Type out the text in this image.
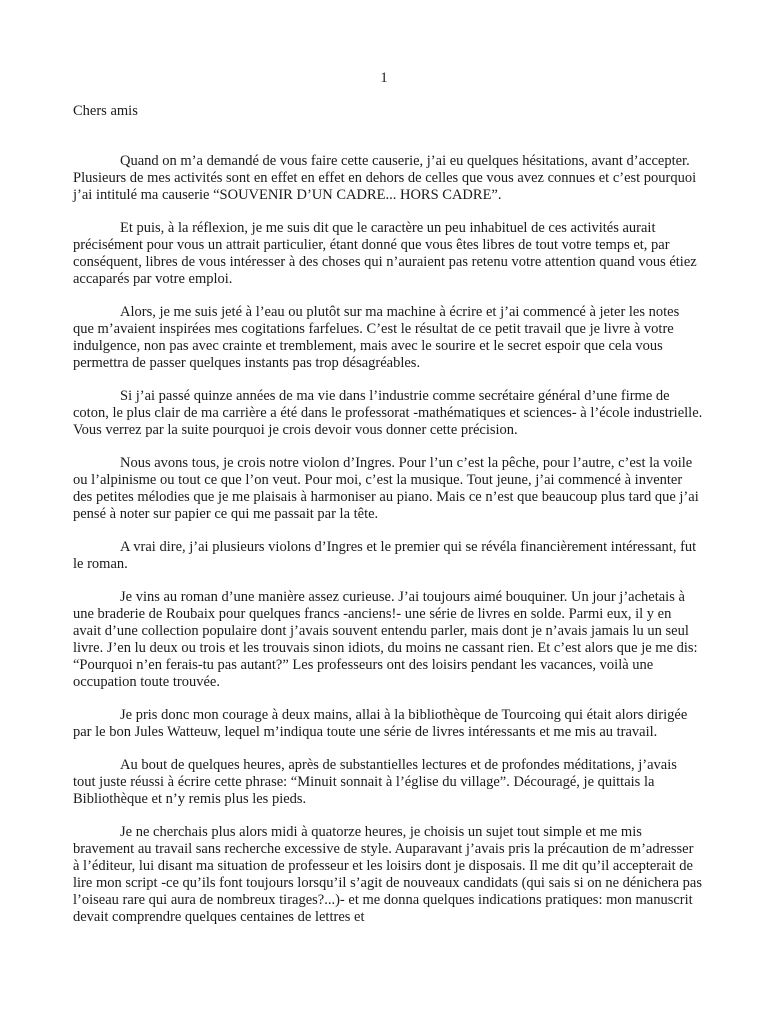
1
Chers amis

Quand on m’a demandé de vous faire cette causerie, j’ai eu quelques hésitations, avant d’accepter. Plusieurs de mes activités sont en effet en effet en dehors de celles que vous avez connues et c’est pourquoi j’ai intitulé ma causerie “SOUVENIR D’UN CADRE... HORS CADRE”.

Et puis, à la réflexion, je me suis dit que le caractère un peu inhabituel de ces activités aurait précisément pour vous un attrait particulier, étant donné que vous êtes libres de tout votre temps et, par conséquent, libres de vous intéresser à des choses qui n’auraient pas retenu votre attention quand vous étiez accaparés par votre emploi.

Alors, je me suis jeté à l’eau ou plutôt sur ma machine à écrire et j’ai commencé à jeter les notes que m’avaient inspirées mes cogitations farfelues. C’est le résultat de ce petit travail que je livre à votre indulgence, non pas avec crainte et tremblement, mais avec le sourire et le secret espoir que cela vous permettra de passer quelques instants pas trop désagréables.

Si j’ai passé quinze années de ma vie dans l’industrie comme secrétaire général d’une firme de coton, le plus clair de ma carrière a été dans le professorat -mathématiques et sciences- à l’école industrielle. Vous verrez par la suite pourquoi je crois devoir vous donner cette précision.

Nous avons tous, je crois notre violon d’Ingres. Pour l’un c’est la pêche, pour l’autre, c’est la voile ou l’alpinisme ou tout ce que l’on veut. Pour moi, c’est la musique. Tout jeune, j’ai commencé à inventer des petites mélodies que je me plaisais à harmoniser au piano. Mais ce n’est que beaucoup plus tard que j’ai pensé à noter sur papier ce qui me passait par la tête.

A vrai dire, j’ai plusieurs violons d’Ingres et le premier qui se révéla financièrement intéressant, fut le roman.

Je vins au roman d’une manière assez curieuse. J’ai toujours aimé bouquiner. Un jour j’achetais à une braderie de Roubaix pour quelques francs -anciens!- une série de livres en solde. Parmi eux, il y en avait d’une collection populaire dont j’avais souvent entendu parler, mais dont je n’avais jamais lu un seul livre. J’en lu deux ou trois et les trouvais sinon idiots, du moins ne cassant rien. Et c’est alors que je me dis: “Pourquoi n’en ferais-tu pas autant?” Les professeurs ont des loisirs pendant les vacances, voilà une occupation toute trouvée.

Je pris donc mon courage à deux mains, allai à la bibliothèque de Tourcoing qui était alors dirigée par le bon Jules Watteuw, lequel m’indiqua toute une série de livres intéressants et me mis au travail.

Au bout de quelques heures, après de substantielles lectures et de profondes méditations, j’avais tout juste réussi à écrire cette phrase: “Minuit sonnait à l’église du village”. Découragé, je quittais la Bibliothèque et n’y remis plus les pieds.

Je ne cherchais plus alors midi à quatorze heures, je choisis un sujet tout simple et me mis bravement au travail sans recherche excessive de style. Auparavant j’avais pris la précaution de m’adresser à l’éditeur, lui disant ma situation de professeur et les loisirs dont je disposais. Il me dit qu’il accepterait de lire mon script -ce qu’ils font toujours lorsqu’il s’agit de nouveaux candidats (qui sais si on ne dénichera pas l’oiseau rare qui aura de nombreux tirages?...)- et me donna quelques indications pratiques: mon manuscrit devait comprendre quelques centaines de lettres et
